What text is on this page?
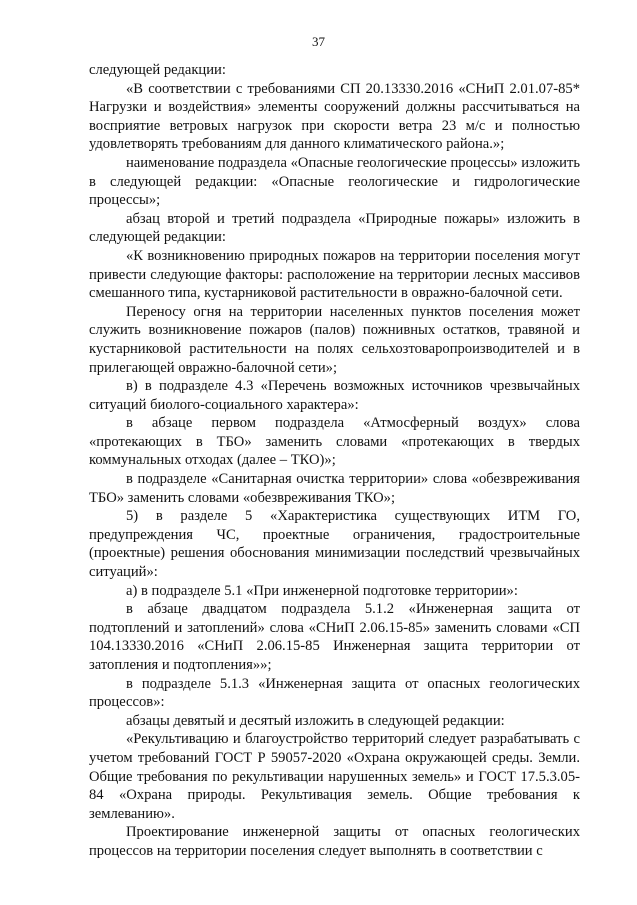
37

следующей редакции:

«В соответствии с требованиями СП 20.13330.2016 «СНиП 2.01.07-85* Нагрузки и воздействия» элементы сооружений должны рассчитываться на восприятие ветровых нагрузок при скорости ветра 23 м/с и полностью удовлетворять требованиям для данного климатического района.»;

наименование подраздела «Опасные геологические процессы» изложить в следующей редакции: «Опасные геологические и гидрологические процессы»;

абзац второй и третий подраздела «Природные пожары» изложить в следующей редакции:

«К возникновению природных пожаров на территории поселения могут привести следующие факторы: расположение на территории лесных массивов смешанного типа, кустарниковой растительности в овражно-балочной сети.

Переносу огня на территории населенных пунктов поселения может служить возникновение пожаров (палов) пожнивных остатков, травяной и кустарниковой растительности на полях сельхозтоваропроизводителей и в прилегающей овражно-балочной сети»;

в) в подразделе 4.3 «Перечень возможных источников чрезвычайных ситуаций биолого-социального характера»:

в абзаце первом подраздела «Атмосферный воздух» слова «протекающих в ТБО» заменить словами «протекающих в твердых коммунальных отходах (далее – ТКО)»;

в подразделе «Санитарная очистка территории» слова «обезвреживания ТБО» заменить словами «обезвреживания ТКО»;

5) в разделе 5 «Характеристика существующих ИТМ ГО, предупреждения ЧС, проектные ограничения, градостроительные (проектные) решения обоснования минимизации последствий чрезвычайных ситуаций»:

а) в подразделе 5.1 «При инженерной подготовке территории»:

в абзаце двадцатом подраздела 5.1.2 «Инженерная защита от подтоплений и затоплений» слова «СНиП 2.06.15-85» заменить словами «СП 104.13330.2016 «СНиП 2.06.15-85 Инженерная защита территории от затопления и подтопления»»;

в подразделе 5.1.3 «Инженерная защита от опасных геологических процессов»:

абзацы девятый и десятый изложить в следующей редакции:

«Рекультивацию и благоустройство территорий следует разрабатывать с учетом требований ГОСТ Р 59057-2020 «Охрана окружающей среды. Земли. Общие требования по рекультивации нарушенных земель» и ГОСТ 17.5.3.05-84 «Охрана природы. Рекультивация земель. Общие требования к землеванию».

Проектирование инженерной защиты от опасных геологических процессов на территории поселения следует выполнять в соответствии с
